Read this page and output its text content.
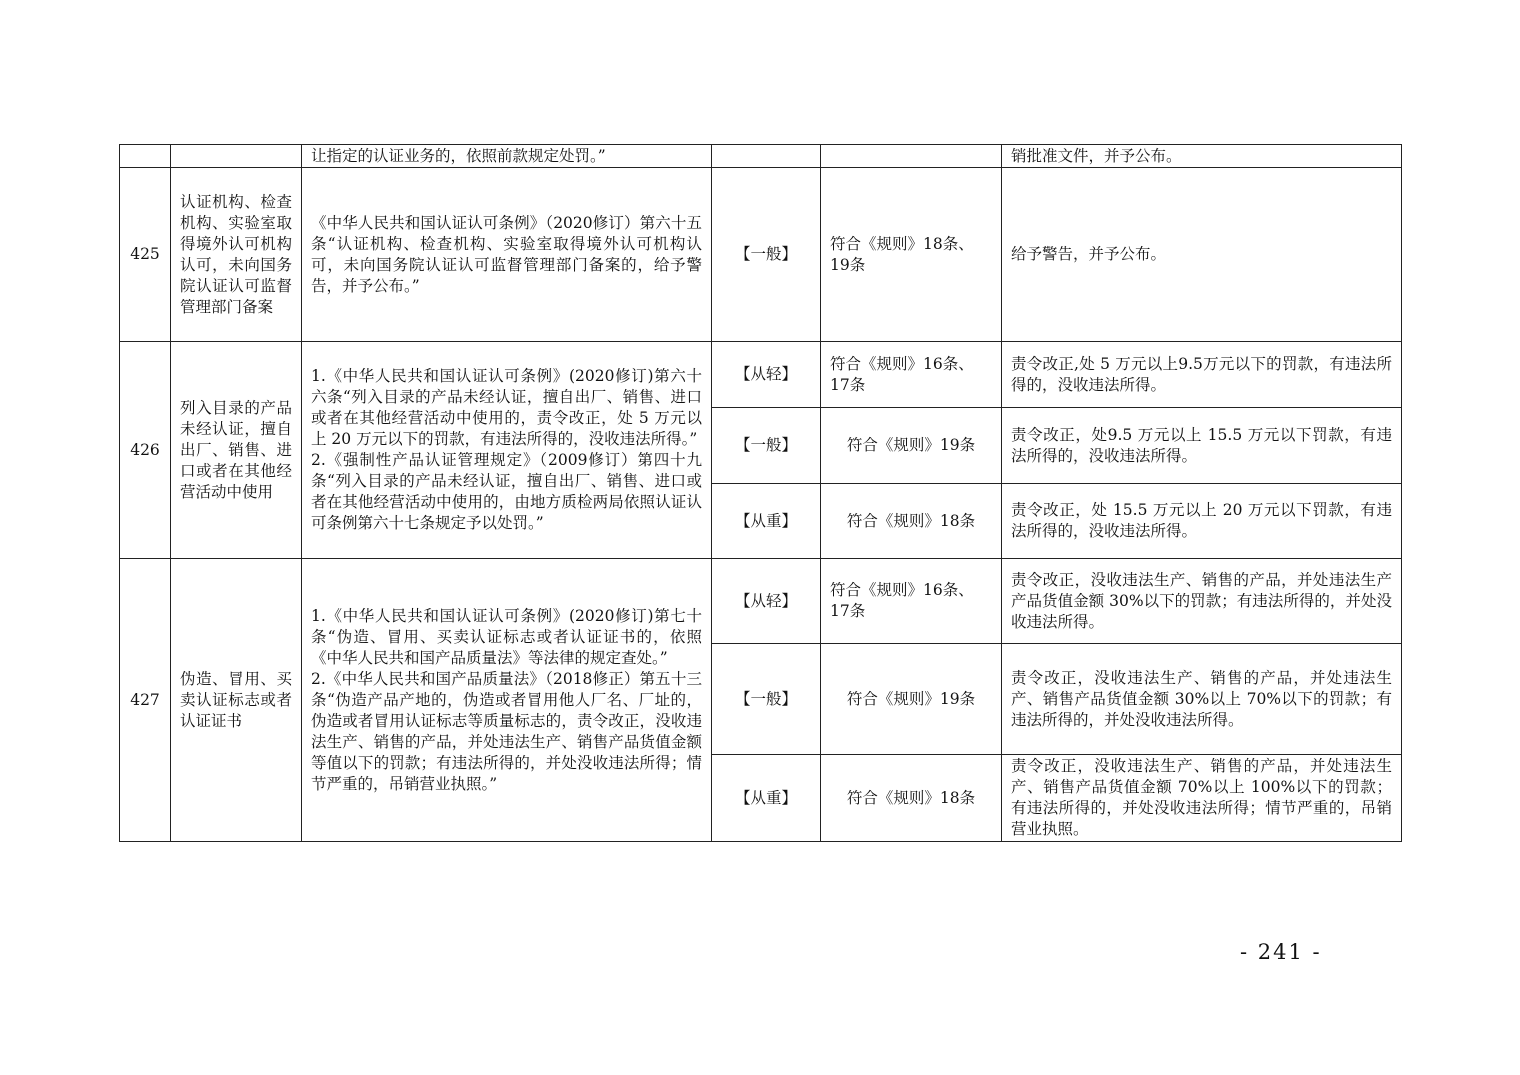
		让指定的认证业务的，依照前款规定处罚。”			销批准文件，并予公布。
425	认证机构、检查机构、实验室取得境外认可机构认可，未向国务院认证认可监督管理部门备案	《中华人民共和国认证认可条例》（2020修订）第六十五条“认证机构、检查机构、实验室取得境外认可机构认可，未向国务院认证认可监督管理部门备案的，给予警告，并予公布。”	【一般】	符合《规则》18条、19条	给予警告，并予公布。
426	列入目录的产品未经认证，擅自出厂、销售、进口或者在其他经营活动中使用	1.《中华人民共和国认证认可条例》(2020修订)第六十六条“列入目录的产品未经认证，擅自出厂、销售、进口或者在其他经营活动中使用的，责令改正，处 5 万元以上 20 万元以下的罚款，有违法所得的，没收违法所得。”
2.《强制性产品认证管理规定》（2009修订）第四十九条“列入目录的产品未经认证，擅自出厂、销售、进口或者在其他经营活动中使用的，由地方质检两局依照认证认可条例第六十七条规定予以处罚。”	【从轻】	符合《规则》16条、17条	责令改正,处 5 万元以上9.5万元以下的罚款，有违法所得的，没收违法所得。
			【一般】	符合《规则》19条	责令改正，处9.5 万元以上 15.5 万元以下罚款，有违法所得的，没收违法所得。
			【从重】	符合《规则》18条	责令改正，处 15.5 万元以上 20 万元以下罚款，有违法所得的，没收违法所得。
427	伪造、冒用、买卖认证标志或者认证证书	1.《中华人民共和国认证认可条例》(2020修订)第七十条“伪造、冒用、买卖认证标志或者认证证书的，依照《中华人民共和国产品质量法》等法律的规定查处。”
2.《中华人民共和国产品质量法》（2018修正）第五十三条“伪造产品产地的，伪造或者冒用他人厂名、厂址的，伪造或者冒用认证标志等质量标志的，责令改正，没收违法生产、销售的产品，并处违法生产、销售产品货值金额等值以下的罚款；有违法所得的，并处没收违法所得；情节严重的，吊销营业执照。”	【从轻】	符合《规则》16条、17条	责令改正，没收违法生产、销售的产品，并处违法生产产品货值金额 30%以下的罚款；有违法所得的，并处没收违法所得。
			【一般】	符合《规则》19条	责令改正，没收违法生产、销售的产品，并处违法生产、销售产品货值金额 30%以上 70%以下的罚款；有违法所得的，并处没收违法所得。
			【从重】	符合《规则》18条	责令改正，没收违法生产、销售的产品，并处违法生产、销售产品货值金额 70%以上 100%以下的罚款；有违法所得的，并处没收违法所得；情节严重的，吊销营业执照。
- 241 -
